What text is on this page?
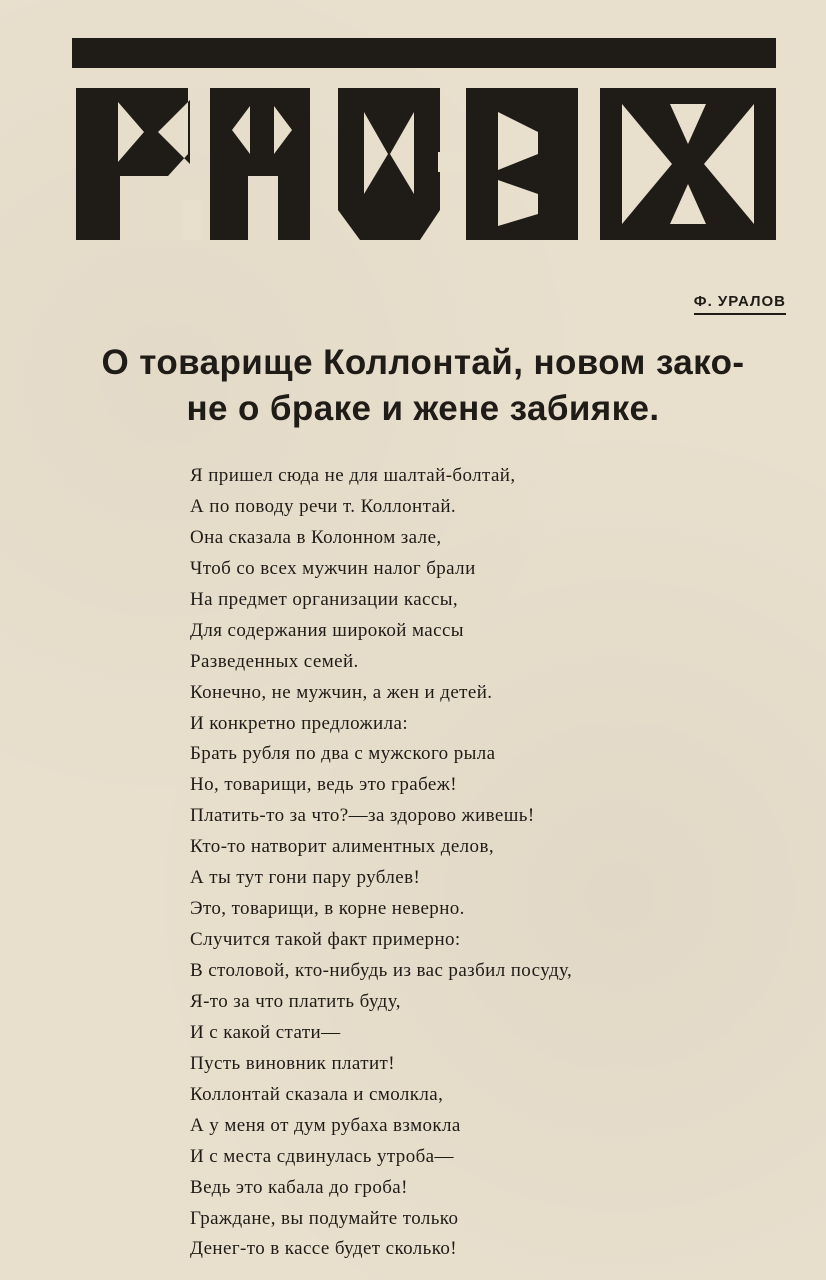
Ф. УРАЛОВ
О товарище Коллонтай, новом зако-
не о браке и жене забияке.
Я пришел сюда не для шалтай-болтай,
А по поводу речи т. Коллонтай.
Она сказала в Колонном зале,
Чтоб со всех мужчин налог брали
На предмет организации кассы,
Для содержания широкой массы
Разведенных семей.
Конечно, не мужчин, а жен и детей.
И конкретно предложила:
Брать рубля по два с мужского рыла
Но, товарищи, ведь это грабеж!
Платить-то за что?—за здорово живешь!
Кто-то натворит алиментных делов,
А ты тут гони пару рублев!
Это, товарищи, в корне неверно.
Случится такой факт примерно:
В столовой, кто-нибудь из вас разбил посуду,
Я-то за что платить буду,
И с какой стати—
Пусть виновник платит!
Коллонтай сказала и смолкла,
А у меня от дум рубаха взмокла
И с места сдвинулась утроба—
Ведь это кабала до гроба!
Граждане, вы подумайте только
Денег-то в кассе будет сколько!
